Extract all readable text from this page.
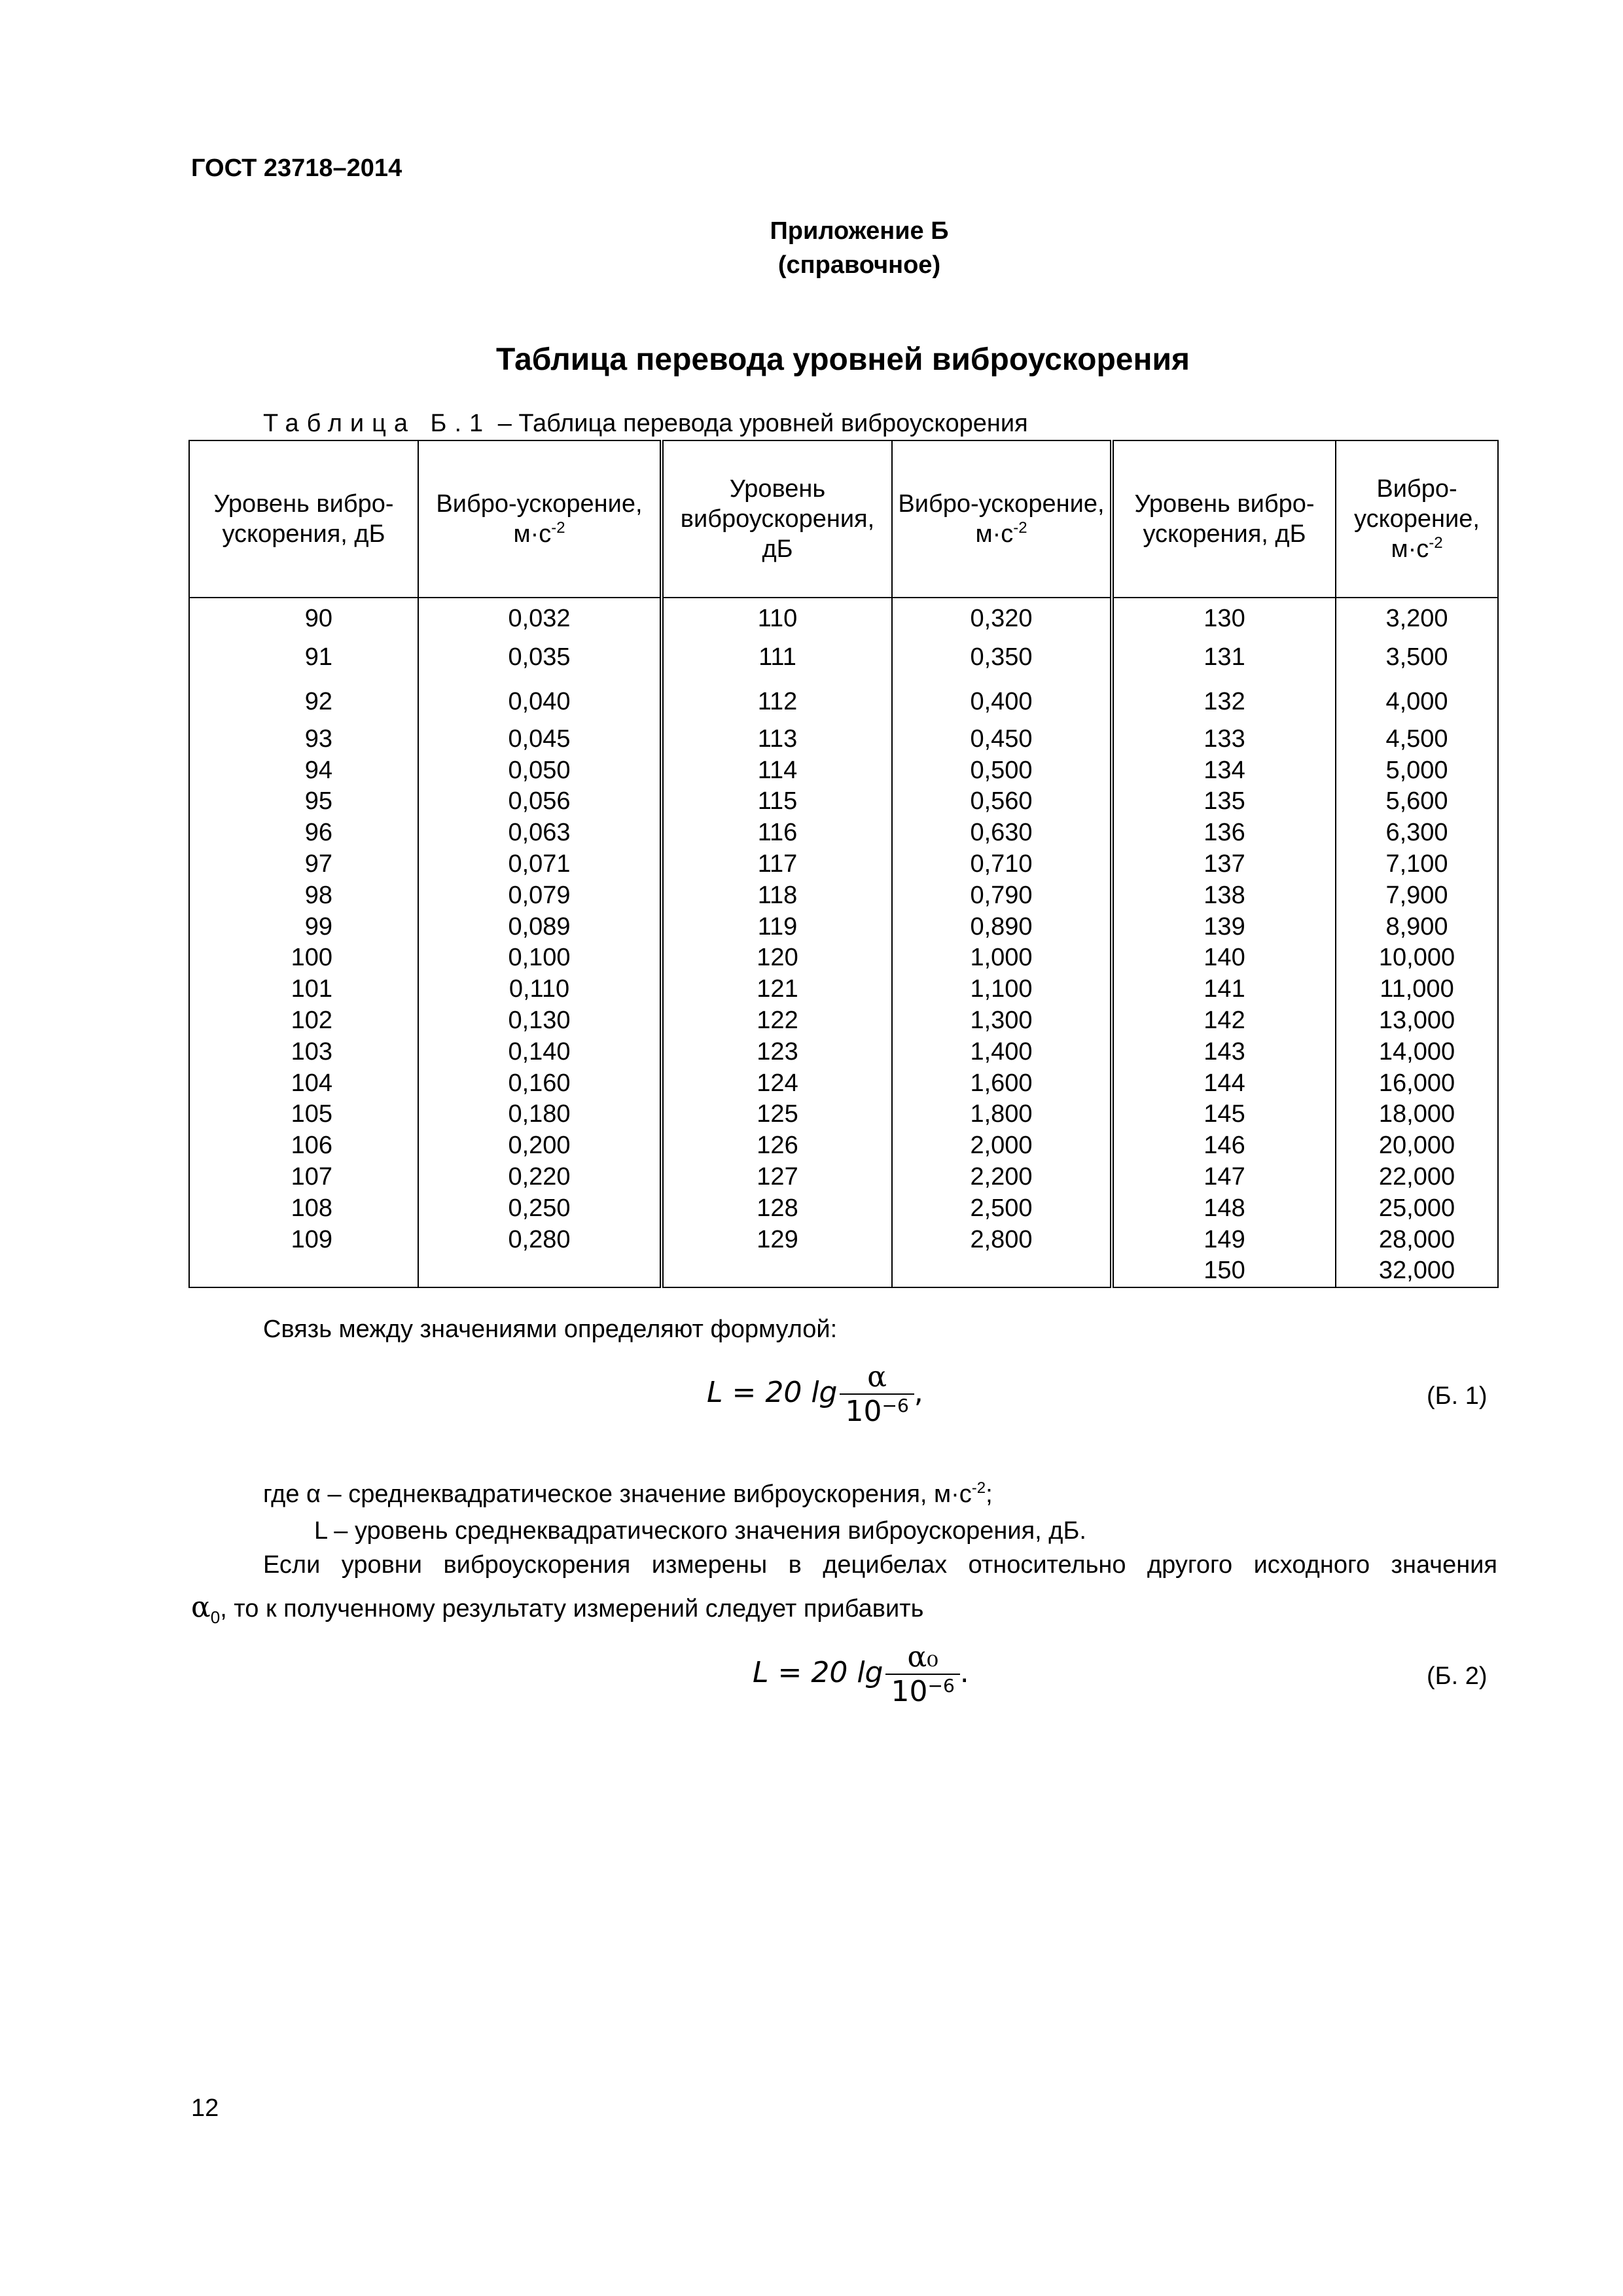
ГОСТ 23718–2014
Приложение Б
(справочное)
Таблица перевода уровней виброускорения
Таблица Б.1 – Таблица перевода уровней виброускорения
Уровень вибро-ускорения, дБ	Вибро-ускорение, $м\cdot с^{-2}$	Уровень виброускорения, дБ	Вибро-ускорение, $м\cdot с^{-2}$	Уровень вибро-ускорения, дБ	Вибро-ускорение, $м\cdot с^{-2}$
90	0,032	110	0,320	130	3,200
91	0,035	111	0,350	131	3,500
92	0,040	112	0,400	132	4,000
93	0,045	113	0,450	133	4,500
94	0,050	114	0,500	134	5,000
95	0,056	115	0,560	135	5,600
96	0,063	116	0,630	136	6,300
97	0,071	117	0,710	137	7,100
98	0,079	118	0,790	138	7,900
99	0,089	119	0,890	139	8,900
100	0,100	120	1,000	140	10,000
101	0,110	121	1,100	141	11,000
102	0,130	122	1,300	142	13,000
103	0,140	123	1,400	143	14,000
104	0,160	124	1,600	144	16,000
105	0,180	125	1,800	145	18,000
106	0,200	126	2,000	146	20,000
107	0,220	127	2,200	147	22,000
108	0,250	128	2,500	148	25,000
109	0,280	129	2,800	149	28,000
				150	32,000
Связь между значениями определяют формулой:
L = 20 $\lg \frac{\alpha}{10^{-6}}$ ,	(Б. 1)
где α – среднеквадратическое значение виброускорения, $м\cdot с^{-2}$;
L – уровень среднеквадратического значения виброускорения, дБ.
Если уровни виброускорения измерены в децибелах относительно другого исходного значения
$\alpha_0$, то к полученному результату измерений следует прибавить
L = 20 $\lg \frac{\text{α₀}}{10^{-6}}$ .	(Б. 2)
12
